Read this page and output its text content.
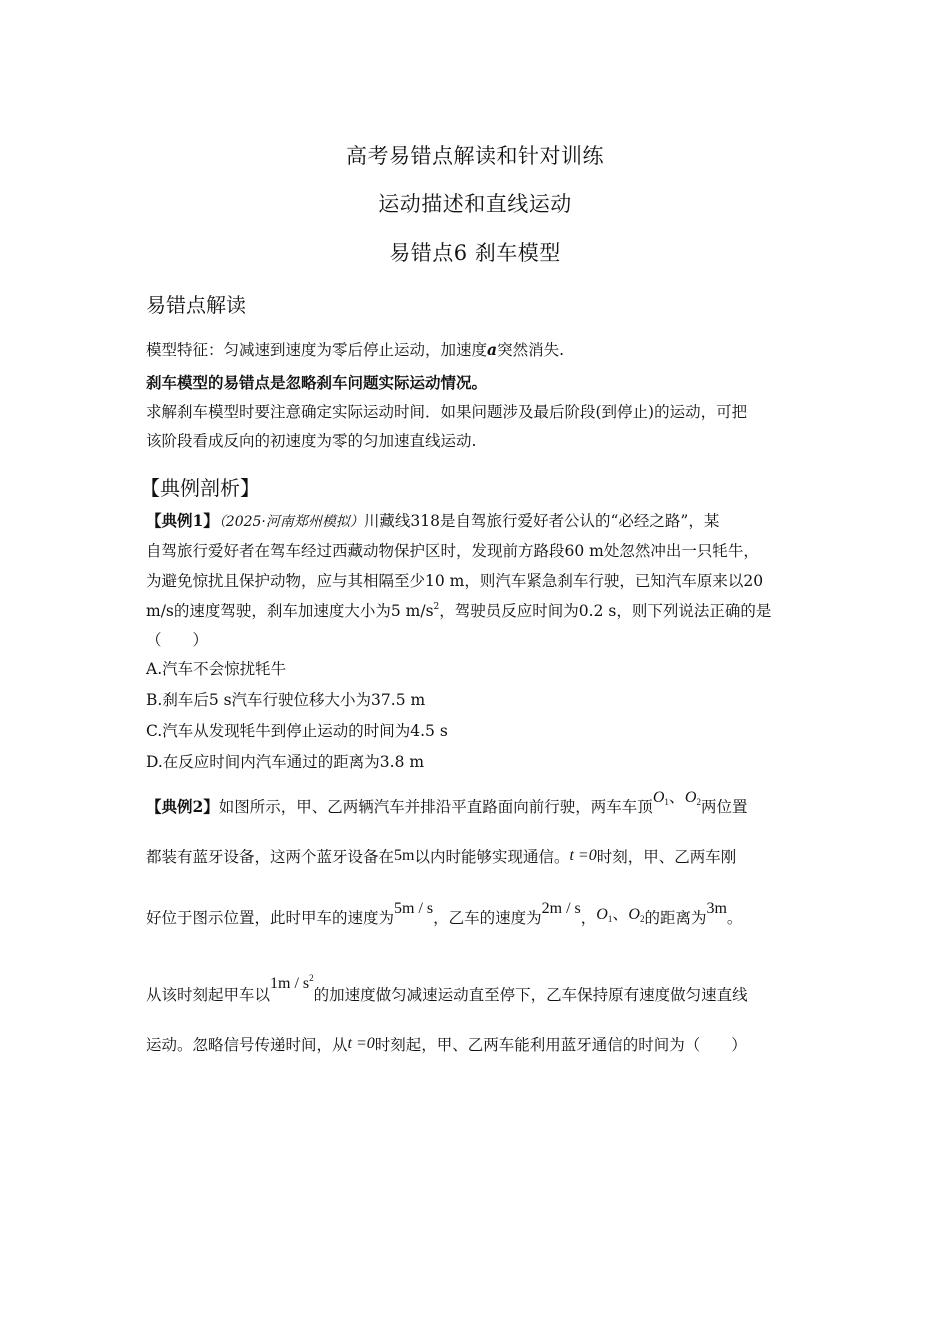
高考易错点解读和针对训练
运动描述和直线运动
易错点6 刹车模型
易错点解读
模型特征：匀减速到速度为零后停止运动，加速度a突然消失.
刹车模型的易错点是忽略刹车问题实际运动情况。
求解刹车模型时要注意确定实际运动时间．如果问题涉及最后阶段(到停止)的运动，可把
该阶段看成反向的初速度为零的匀加速直线运动.
【典例剖析】
【典例1】（2025·河南郑州模拟）川藏线318是自驾旅行爱好者公认的“必经之路”，某
自驾旅行爱好者在驾车经过西藏动物保护区时，发现前方路段60 m处忽然冲出一只牦牛，
为避免惊扰且保护动物，应与其相隔至少10 m，则汽车紧急刹车行驶，已知汽车原来以20
m/s的速度驾驶，刹车加速度大小为5 $m/s^2$，驾驶员反应时间为0.2 s，则下列说法正确的是
（　　）
A.汽车不会惊扰牦牛
B.刹车后5 s汽车行驶位移大小为37.5 m
C.汽车从发现牦牛到停止运动的时间为4.5 s
D.在反应时间内汽车通过的距离为3.8 m
【典例2】如图所示，甲、乙两辆汽车并排沿平直路面向前行驶，两车车顶O1、O2两位置
都装有蓝牙设备，这两个蓝牙设备在5m以内时能够实现通信。t =0时刻，甲、乙两车刚
好位于图示位置，此时甲车的速度为5m / s，乙车的速度为2m / s，O1、O2的距离为3m。
从该时刻起甲车以$1m / s^2$的加速度做匀减速运动直至停下，乙车保持原有速度做匀速直线
运动。忽略信号传递时间，从t =0时刻起，甲、乙两车能利用蓝牙通信的时间为（　　）
